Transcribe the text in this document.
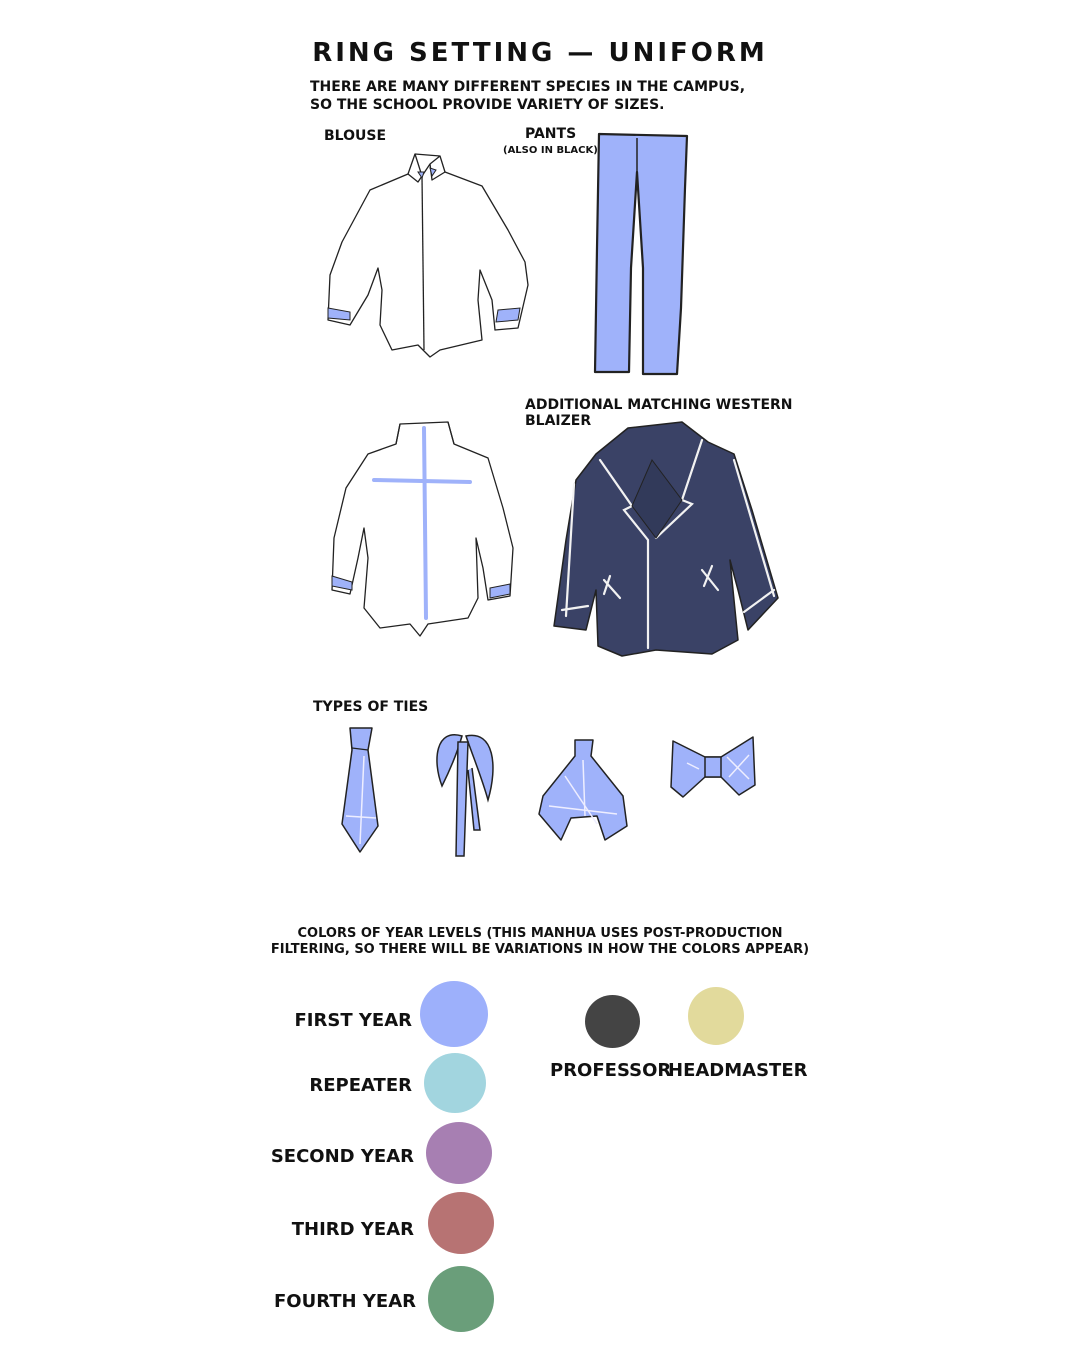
RING SETTING — UNIFORM
THERE ARE MANY DIFFERENT SPECIES IN THE CAMPUS,
SO THE SCHOOL PROVIDE VARIETY OF SIZES.
BLOUSE	PANTS
(ALSO IN BLACK)
ADDITIONAL MATCHING WESTERN
BLAIZER
TYPES OF TIES
COLORS OF YEAR LEVELS (THIS MANHUA USES POST-PRODUCTION
FILTERING, SO THERE WILL BE VARIATIONS IN HOW THE COLORS APPEAR)
FIRST YEAR
REPEATER
SECOND YEAR
THIRD YEAR
FOURTH YEAR
PROFESSOR
HEADMASTER
